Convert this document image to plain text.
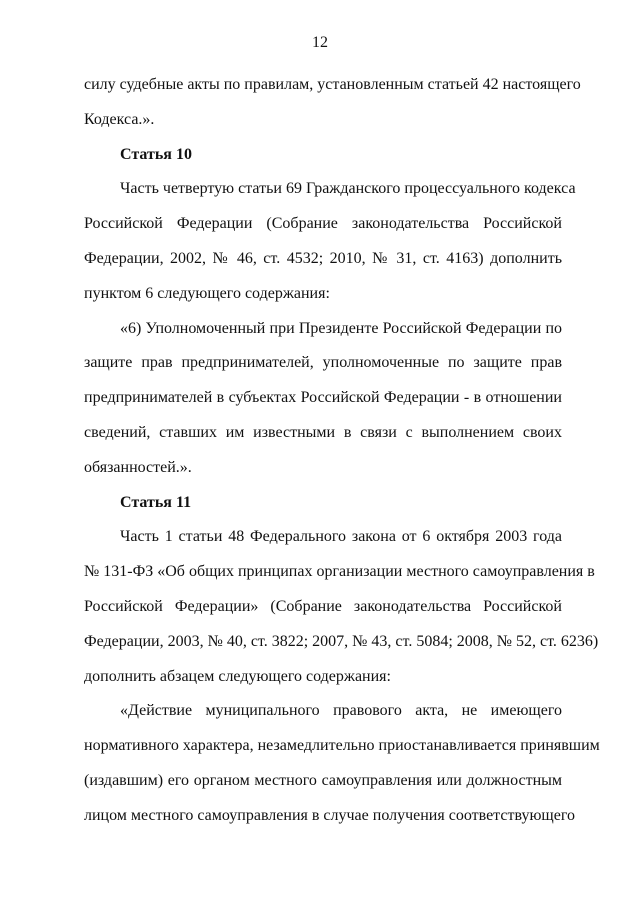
12
силу судебные акты по правилам, установленным статьей 42 настоящего
Кодекса.».
Статья 10
Часть четвертую статьи 69 Гражданского процессуального кодекса
Российской Федерации (Собрание законодательства Российской
Федерации, 2002, № 46, ст. 4532; 2010, № 31, ст. 4163) дополнить
пунктом 6 следующего содержания:
«6) Уполномоченный при Президенте Российской Федерации по
защите прав предпринимателей, уполномоченные по защите прав
предпринимателей в субъектах Российской Федерации - в отношении
сведений, ставших им известными в связи с выполнением своих
обязанностей.».
Статья 11
Часть 1 статьи 48 Федерального закона от 6 октября 2003 года
№ 131-ФЗ «Об общих принципах организации местного самоуправления в
Российской Федерации» (Собрание законодательства Российской
Федерации, 2003, № 40, ст. 3822; 2007, № 43, ст. 5084; 2008, № 52, ст. 6236)
дополнить абзацем следующего содержания:
«Действие муниципального правового акта, не имеющего
нормативного характера, незамедлительно приостанавливается принявшим
(издавшим) его органом местного самоуправления или должностным
лицом местного самоуправления в случае получения соответствующего
